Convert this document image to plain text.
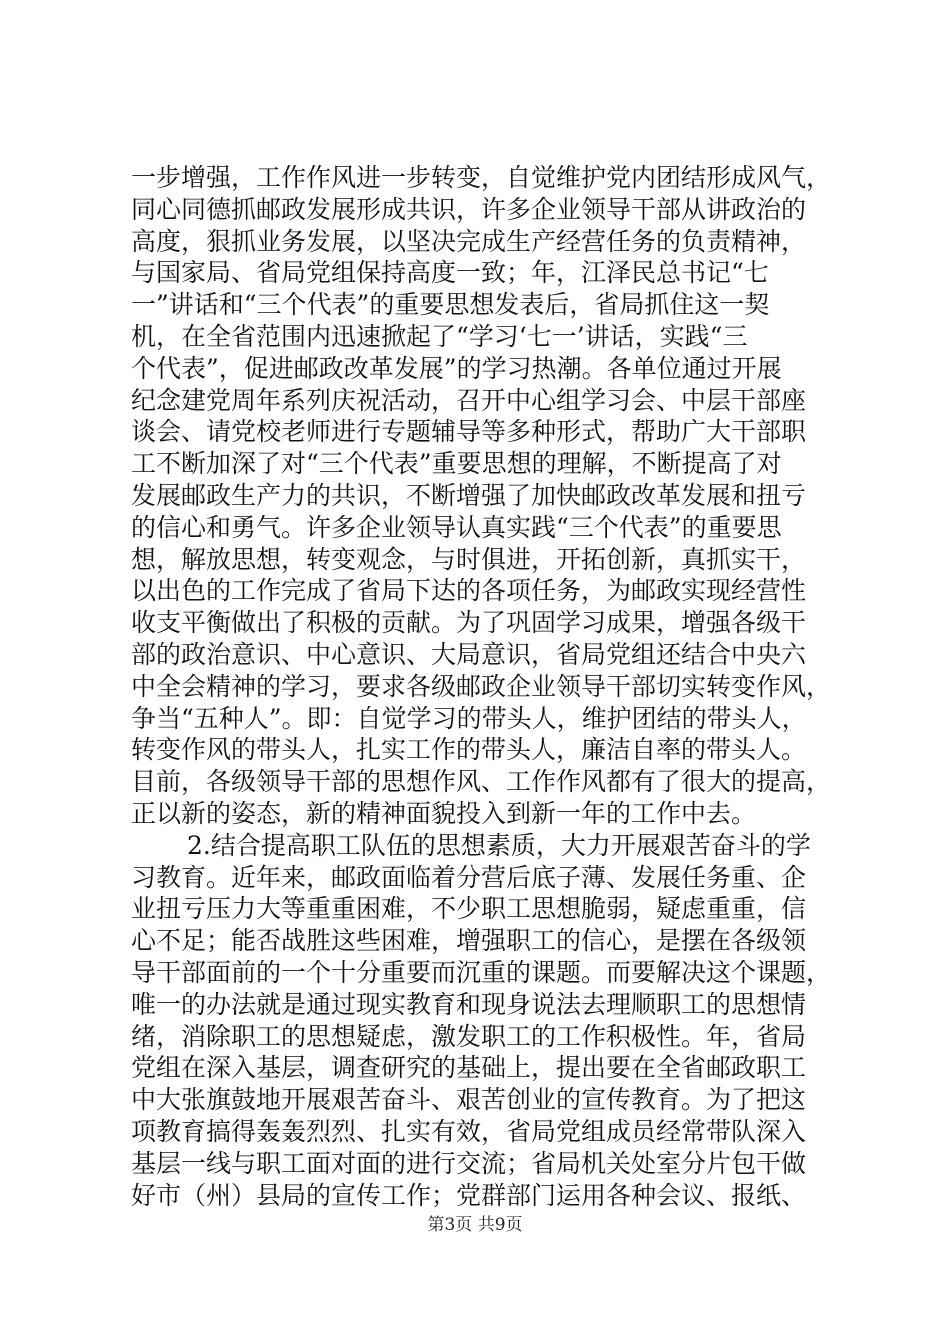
一步增强，工作作风进一步转变，自觉维护党内团结形成风气，
同心同德抓邮政发展形成共识，许多企业领导干部从讲政治的
高度，狠抓业务发展，以坚决完成生产经营任务的负责精神，
与国家局、省局党组保持高度一致；年，江泽民总书记“七
一”讲话和“三个代表”的重要思想发表后，省局抓住这一契
机，在全省范围内迅速掀起了“学习‘七一’讲话，实践“三
个代表”，促进邮政改革发展”的学习热潮。各单位通过开展
纪念建党周年系列庆祝活动，召开中心组学习会、中层干部座
谈会、请党校老师进行专题辅导等多种形式，帮助广大干部职
工不断加深了对“三个代表”重要思想的理解，不断提高了对
发展邮政生产力的共识，不断增强了加快邮政改革发展和扭亏
的信心和勇气。许多企业领导认真实践“三个代表”的重要思
想，解放思想，转变观念，与时俱进，开拓创新，真抓实干，
以出色的工作完成了省局下达的各项任务，为邮政实现经营性
收支平衡做出了积极的贡献。为了巩固学习成果，增强各级干
部的政治意识、中心意识、大局意识，省局党组还结合中央六
中全会精神的学习，要求各级邮政企业领导干部切实转变作风，
争当“五种人”。即：自觉学习的带头人，维护团结的带头人，
转变作风的带头人，扎实工作的带头人，廉洁自率的带头人。
目前，各级领导干部的思想作风、工作作风都有了很大的提高，
正以新的姿态，新的精神面貌投入到新一年的工作中去。
2.结合提高职工队伍的思想素质，大力开展艰苦奋斗的学
习教育。近年来，邮政面临着分营后底子薄、发展任务重、企
业扭亏压力大等重重困难，不少职工思想脆弱，疑虑重重，信
心不足；能否战胜这些困难，增强职工的信心，是摆在各级领
导干部面前的一个十分重要而沉重的课题。而要解决这个课题，
唯一的办法就是通过现实教育和现身说法去理顺职工的思想情
绪，消除职工的思想疑虑，激发职工的工作积极性。年，省局
党组在深入基层，调查研究的基础上，提出要在全省邮政职工
中大张旗鼓地开展艰苦奋斗、艰苦创业的宣传教育。为了把这
项教育搞得轰轰烈烈、扎实有效，省局党组成员经常带队深入
基层一线与职工面对面的进行交流；省局机关处室分片包干做
好市（州）县局的宣传工作；党群部门运用各种会议、报纸、
第3页 共9页
